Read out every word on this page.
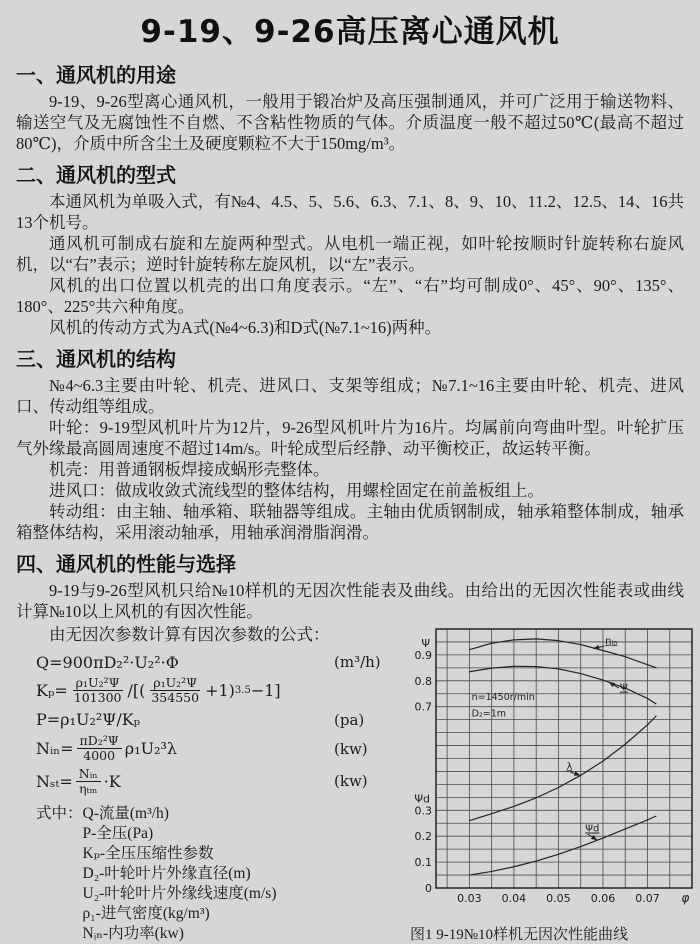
9-19、9-26高压离心通风机
一、通风机的用途

9-19、9-26型离心通风机，一般用于锻冶炉及高压强制通风，并可广泛用于输送物料、输送空气及无腐蚀性不自燃、不含粘性物质的气体。介质温度一般不超过50℃(最高不超过80℃)，介质中所含尘土及硬度颗粒不大于150mg/m³。

二、通风机的型式

本通风机为单吸入式，有№4、4.5、5、5.6、6.3、7.1、8、9、10、11.2、12.5、14、16共13个机号。

通风机可制成右旋和左旋两种型式。从电机一端正视，如叶轮按顺时针旋转称右旋风机，以“右”表示；逆时针旋转称左旋风机，以“左”表示。

风机的出口位置以机壳的出口角度表示。“左”、“右”均可制成0°、45°、90°、135°、180°、225°共六种角度。

风机的传动方式为A式(№4~6.3)和D式(№7.1~16)两种。

三、通风机的结构

№4~6.3主要由叶轮、机壳、进风口、支架等组成；№7.1~16主要由叶轮、机壳、进风口、传动组等组成。

叶轮：9-19型风机叶片为12片，9-26型风机叶片为16片。均属前向弯曲叶型。叶轮扩压气外缘最高圆周速度不超过14m/s。叶轮成型后经静、动平衡校正，故运转平衡。

机壳：用普通钢板焊接成蜗形壳整体。

进风口：做成收敛式流线型的整体结构，用螺栓固定在前盖板组上。

转动组：由主轴、轴承箱、联轴器等组成。主轴由优质钢制成，轴承箱整体制成，轴承箱整体结构，采用滚动轴承，用轴承润滑脂润滑。

四、通风机的性能与选择

9-19与9-26型风机只给№10样机的无因次性能表及曲线。由给出的无因次性能表或曲线计算№10以上风机的有因次性能。

由无因次参数计算有因次参数的公式：

Q=900πD₂²·U₂²·Φ	(m³/h)
$K_p= \frac{\text{ρ₁U₂²Ψ}}{101300}$ /[( $\frac{\text{ρ₁U₂²Ψ}}{354550} +1$) 3.5 −1]
P=ρ₁U₂²Ψ/Kₚ	(pa)
Nᵢₙ= $\frac{\text{πD₂²Ψ}}{4000} \rho_1U_2^3\lambda$	(kw)
$N_{st}= \frac{\text{Nᵢₙ}}{\text{ηₜₘ}} \cdot K$	(kw)
式中： Q-流量(m³/h)
P-全压(Pa)
Kₚ-全压压缩性参数
D₂-叶轮叶片外缘直径(m)
U₂-叶轮叶片外缘线速度(m/s)
ρ₁-进气密度(kg/m³)
Nᵢₙ-内功率(kw)
0.03 0.04 0.05 0.06 0.07 φ
0
0.1
0.2
0.3
0.7
0.8
0.9
Ψ
Ψd
n=1450r/min
D₂=1m
ηᵢₙ
Ψ
λ
Ψd
图1 9-19№10样机无因次性能曲线
